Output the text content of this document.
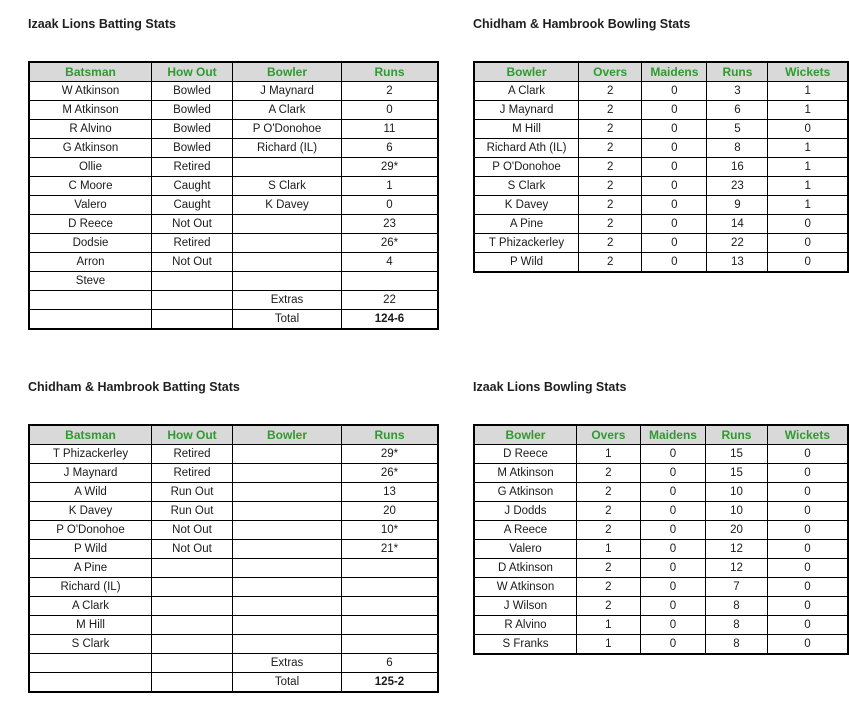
Izaak Lions Batting Stats
Batsman	How Out	Bowler	Runs
W Atkinson	Bowled	J Maynard	2
M Atkinson	Bowled	A Clark	0
R Alvino	Bowled	P O'Donohoe	11
G Atkinson	Bowled	Richard (IL)	6
Ollie	Retired		29*
C Moore	Caught	S Clark	1
Valero	Caught	K Davey	0
D Reece	Not Out		23
Dodsie	Retired		26*
Arron	Not Out		4
Steve			
		Extras	22
		Total	124-6
Chidham & Hambrook Bowling Stats
Bowler	Overs	Maidens	Runs	Wickets
A Clark	2	0	3	1
J Maynard	2	0	6	1
M Hill	2	0	5	0
Richard Ath (IL)	2	0	8	1
P O'Donohoe	2	0	16	1
S Clark	2	0	23	1
K Davey	2	0	9	1
A Pine	2	0	14	0
T Phizackerley	2	0	22	0
P Wild	2	0	13	0
Chidham & Hambrook Batting Stats
Batsman	How Out	Bowler	Runs
T Phizackerley	Retired		29*
J Maynard	Retired		26*
A Wild	Run Out		13
K Davey	Run Out		20
P O'Donohoe	Not Out		10*
P Wild	Not Out		21*
A Pine			
Richard (IL)			
A Clark			
M Hill			
S Clark			
		Extras	6
		Total	125-2
Izaak Lions Bowling Stats
Bowler	Overs	Maidens	Runs	Wickets
D Reece	1	0	15	0
M Atkinson	2	0	15	0
G Atkinson	2	0	10	0
J Dodds	2	0	10	0
A Reece	2	0	20	0
Valero	1	0	12	0
D Atkinson	2	0	12	0
W Atkinson	2	0	7	0
J Wilson	2	0	8	0
R Alvino	1	0	8	0
S Franks	1	0	8	0
